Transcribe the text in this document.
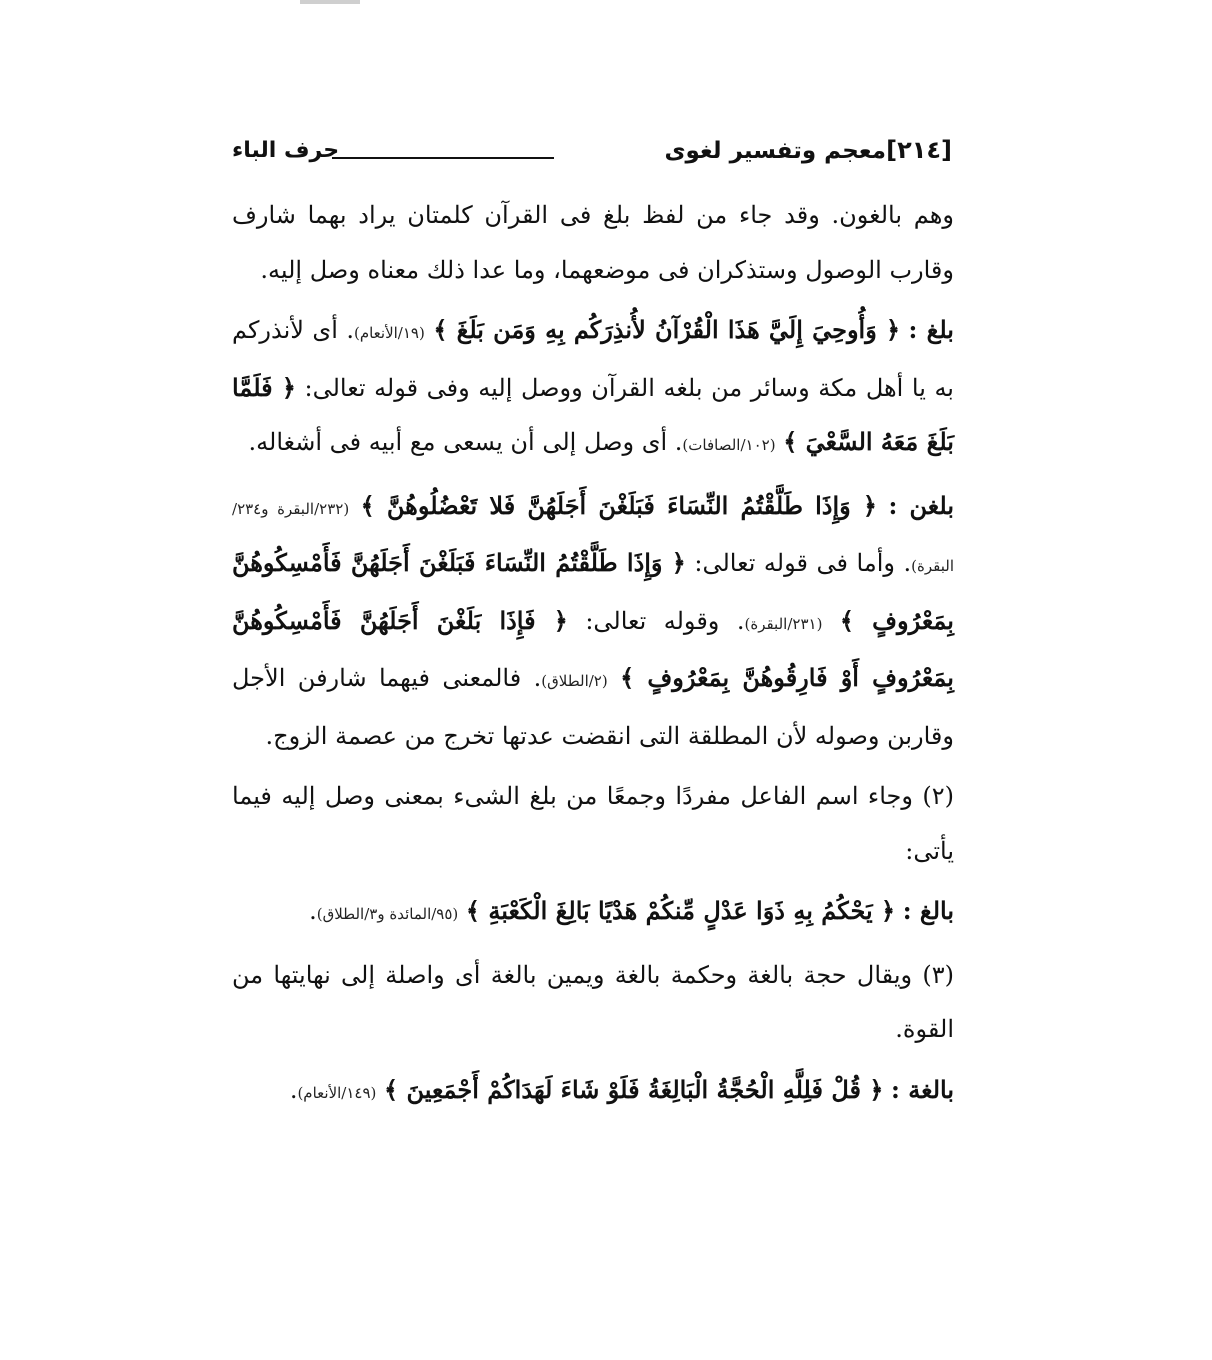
[٢١٤]
معجم وتفسير لغوى
حرف الباء

وهم بالغون. وقد جاء من لفظ بلغ فى القرآن كلمتان يراد بهما شارف وقارب الوصول وستذكران فى موضعهما، وما عدا ذلك معناه وصل إليه.

بلغ : ﴿ وَأُوحِيَ إِلَيَّ هَذَا الْقُرْآنُ لأُنذِرَكُم بِهِ وَمَن بَلَغَ ﴾ (١٩/الأنعام). أى لأنذركم به يا أهل مكة وسائر من بلغه القرآن ووصل إليه وفى قوله تعالى: ﴿ فَلَمَّا بَلَغَ مَعَهُ السَّعْيَ ﴾ (١٠٢/الصافات). أى وصل إلى أن يسعى مع أبيه فى أشغاله.

بلغن : ﴿ وَإِذَا طَلَّقْتُمُ النِّسَاءَ فَبَلَغْنَ أَجَلَهُنَّ فَلا تَعْضُلُوهُنَّ ﴾ (٢٣٢/البقرة و٢٣٤/البقرة). وأما فى قوله تعالى: ﴿ وَإِذَا طَلَّقْتُمُ النِّسَاءَ فَبَلَغْنَ أَجَلَهُنَّ فَأَمْسِكُوهُنَّ بِمَعْرُوفٍ ﴾ (٢٣١/البقرة). وقوله تعالى: ﴿ فَإِذَا بَلَغْنَ أَجَلَهُنَّ فَأَمْسِكُوهُنَّ بِمَعْرُوفٍ أَوْ فَارِقُوهُنَّ بِمَعْرُوفٍ ﴾ (٢/الطلاق). فالمعنى فيهما شارفن الأجل وقاربن وصوله لأن المطلقة التى انقضت عدتها تخرج من عصمة الزوج.

(٢) وجاء اسم الفاعل مفردًا وجمعًا من بلغ الشىء بمعنى وصل إليه فيما يأتى:

بالغ : ﴿ يَحْكُمُ بِهِ ذَوَا عَدْلٍ مِّنكُمْ هَدْيًا بَالِغَ الْكَعْبَةِ ﴾ (٩٥/المائدة و٣/الطلاق).

(٣) ويقال حجة بالغة وحكمة بالغة ويمين بالغة أى واصلة إلى نهايتها من القوة.

بالغة : ﴿ قُلْ فَلِلَّهِ الْحُجَّةُ الْبَالِغَةُ فَلَوْ شَاءَ لَهَدَاكُمْ أَجْمَعِينَ ﴾ (١٤٩/الأنعام).
